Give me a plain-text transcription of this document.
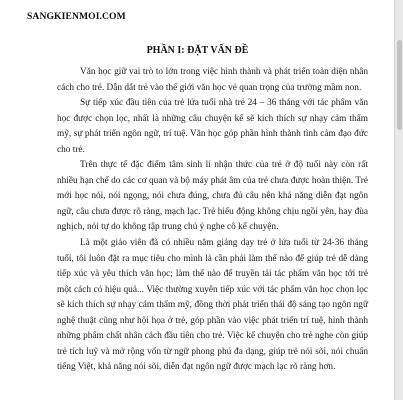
SANGKIENMOI.COM
PHẦN I: ĐẶT VẤN ĐỀ

Văn học giữ vai trò to lớn trong việc hình thành và phát triển toàn diện nhân cách cho trẻ. Dẫn dắt trẻ vào thế giới văn học vẻ quan trọng của trường mầm non.

Sự tiếp xúc đầu tiên của trẻ lứa tuổi nhà trẻ 24 – 36 tháng với tác phẩm văn học được chọn lọc, nhất là những câu chuyện kể sẽ kích thích sự nhạy cảm thẩm mỹ, sự phát triển ngôn ngữ, trí tuệ. Văn học góp phần hình thành tình cảm đạo đức cho trẻ.

Trên thực tế đặc điểm tâm sinh lí nhận thức của trẻ ở độ tuổi này còn rất nhiều hạn chế do các cơ quan và bộ máy phát âm của trẻ chưa được hoàn thiện. Trẻ mới học nói, nói ngọng, nói chưa đúng, chưa đủ câu nên khả năng diễn đạt ngôn ngữ, câu chưa được rõ ràng, mạch lạc. Trẻ hiếu động không chịu ngồi yên, hay đùa nghịch, nói tự do không tập trung chú ý nghe cô kể chuyện.

Là một giáo viên đã có nhiều năm giảng dạy trẻ ở lứa tuổi từ 24-36 tháng tuổi, tôi luôn đặt ra mục tiêu cho mình là cần phải làm thế nào để giúp trẻ dễ dàng tiếp xúc và yêu thích văn học; làm thế nào để truyền tải tác phẩm văn học tới trẻ một cách có hiệu quả... Việc thường xuyên tiếp xúc với tác phẩm văn học chọn lọc sẽ kích thích sự nhạy cảm thẩm mỹ, đồng thời phát triển thái độ sáng tạo ngôn ngữ nghệ thuật cũng như hội họa ở trẻ, góp phần vào việc phát triển trí tuệ, hình thành những phẩm chất nhân cách đầu tiên cho trẻ. Việc kể chuyện cho trẻ nghe còn giúp trẻ tích luỹ và mở rộng vốn từ ngữ phong phú đa dạng, giúp trẻ nói sõi, nói chuẩn tiếng Việt, khả năng nói sõi, diễn đạt ngôn ngữ được mạch lạc rõ ràng hơn.
